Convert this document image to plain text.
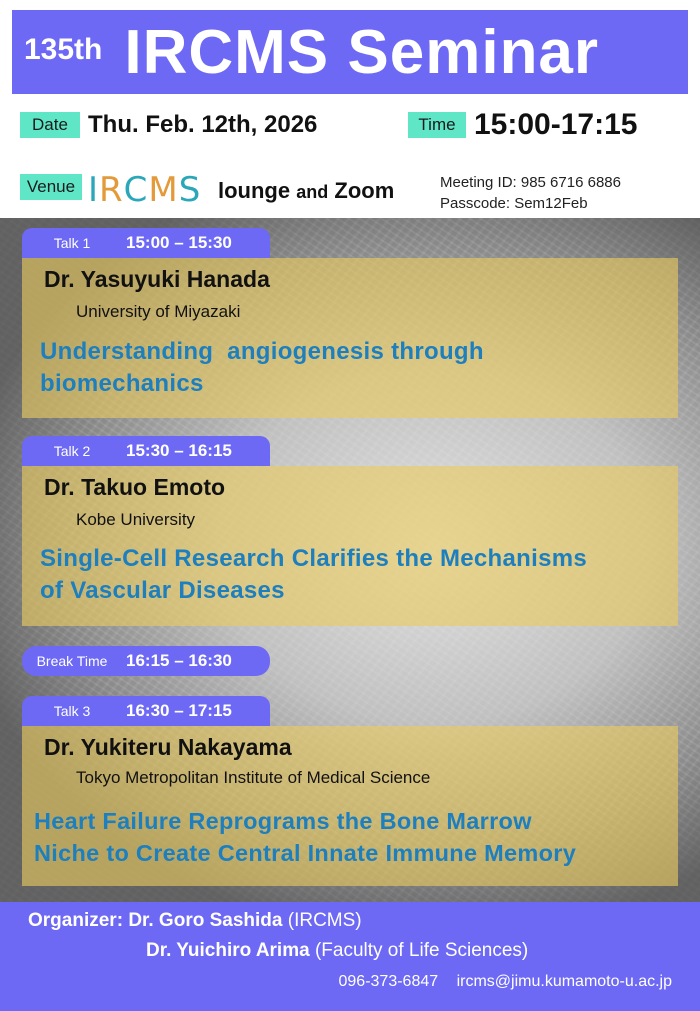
135th IRCMS Seminar
Date Thu. Feb. 12th, 2026	Time 15:00-17:15
Venue I R C M S lounge and Zoom	Meeting ID: 985 6716 6886
Passcode: Sem12Feb
Talk 1	15:00 – 15:30
Dr. Yasuyuki Hanada
University of Miyazaki
Understanding  angiogenesis through
biomechanics
Talk 2	15:30 – 16:15
Dr. Takuo Emoto
Kobe University
Single-Cell Research Clarifies the Mechanisms
of Vascular Diseases
Break Time	16:15 – 16:30
Talk 3	16:30 – 17:15
Dr. Yukiteru Nakayama
Tokyo Metropolitan Institute of Medical Science
Heart Failure Reprograms the Bone Marrow
Niche to Create Central Innate Immune Memory
Organizer: Dr. Goro Sashida (IRCMS)
Dr. Yuichiro Arima (Faculty of Life Sciences)
096-373-6847 ircms@jimu.kumamoto-u.ac.jp
